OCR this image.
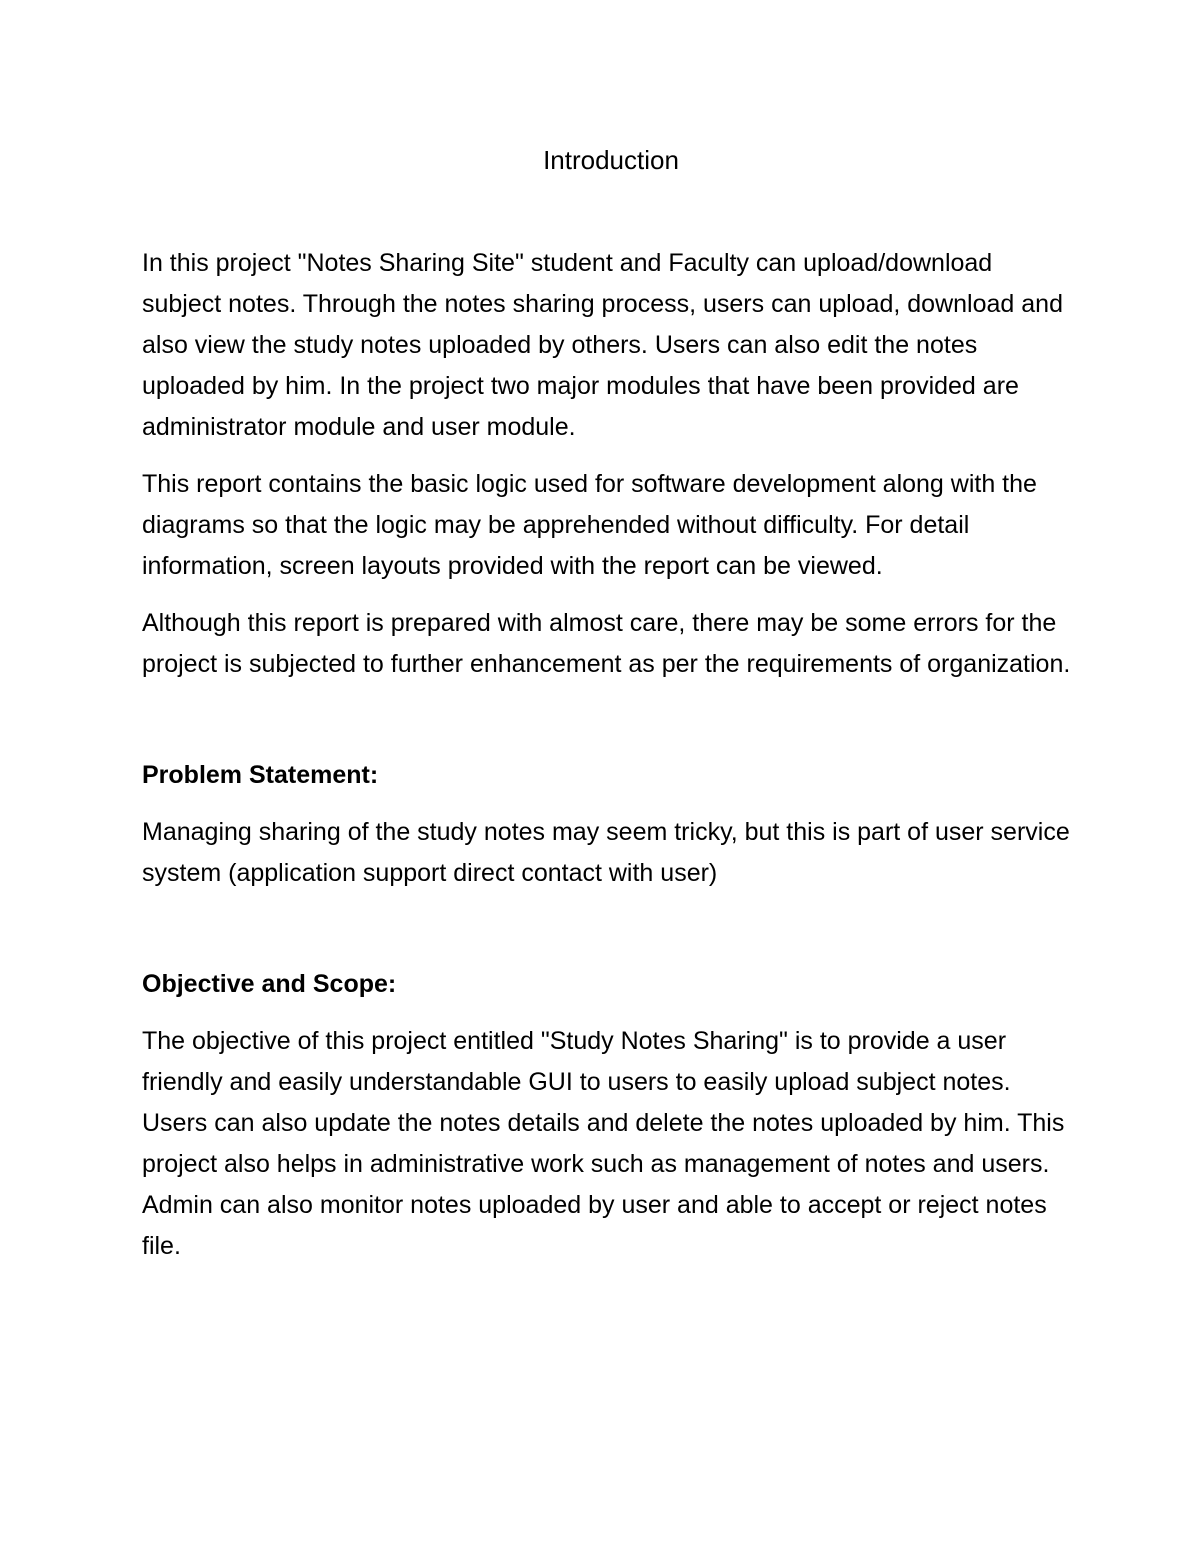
Introduction

In this project "Notes Sharing Site" student and Faculty can upload/download subject notes. Through the notes sharing process, users can upload, download and also view the study notes uploaded by others. Users can also edit the notes uploaded by him. In the project two major modules that have been provided are administrator module and user module.

This report contains the basic logic used for software development along with the diagrams so that the logic may be apprehended without difficulty. For detail information, screen layouts provided with the report can be viewed.

Although this report is prepared with almost care, there may be some errors for the project is subjected to further enhancement as per the requirements of organization.

Problem Statement:

Managing sharing of the study notes may seem tricky, but this is part of user service system (application support direct contact with user)

Objective and Scope:

The objective of this project entitled "Study Notes Sharing" is to provide a user friendly and easily understandable GUI to users to easily upload subject notes. Users can also update the notes details and delete the notes uploaded by him. This project also helps in administrative work such as management of notes and users. Admin can also monitor notes uploaded by user and able to accept or reject notes file.
